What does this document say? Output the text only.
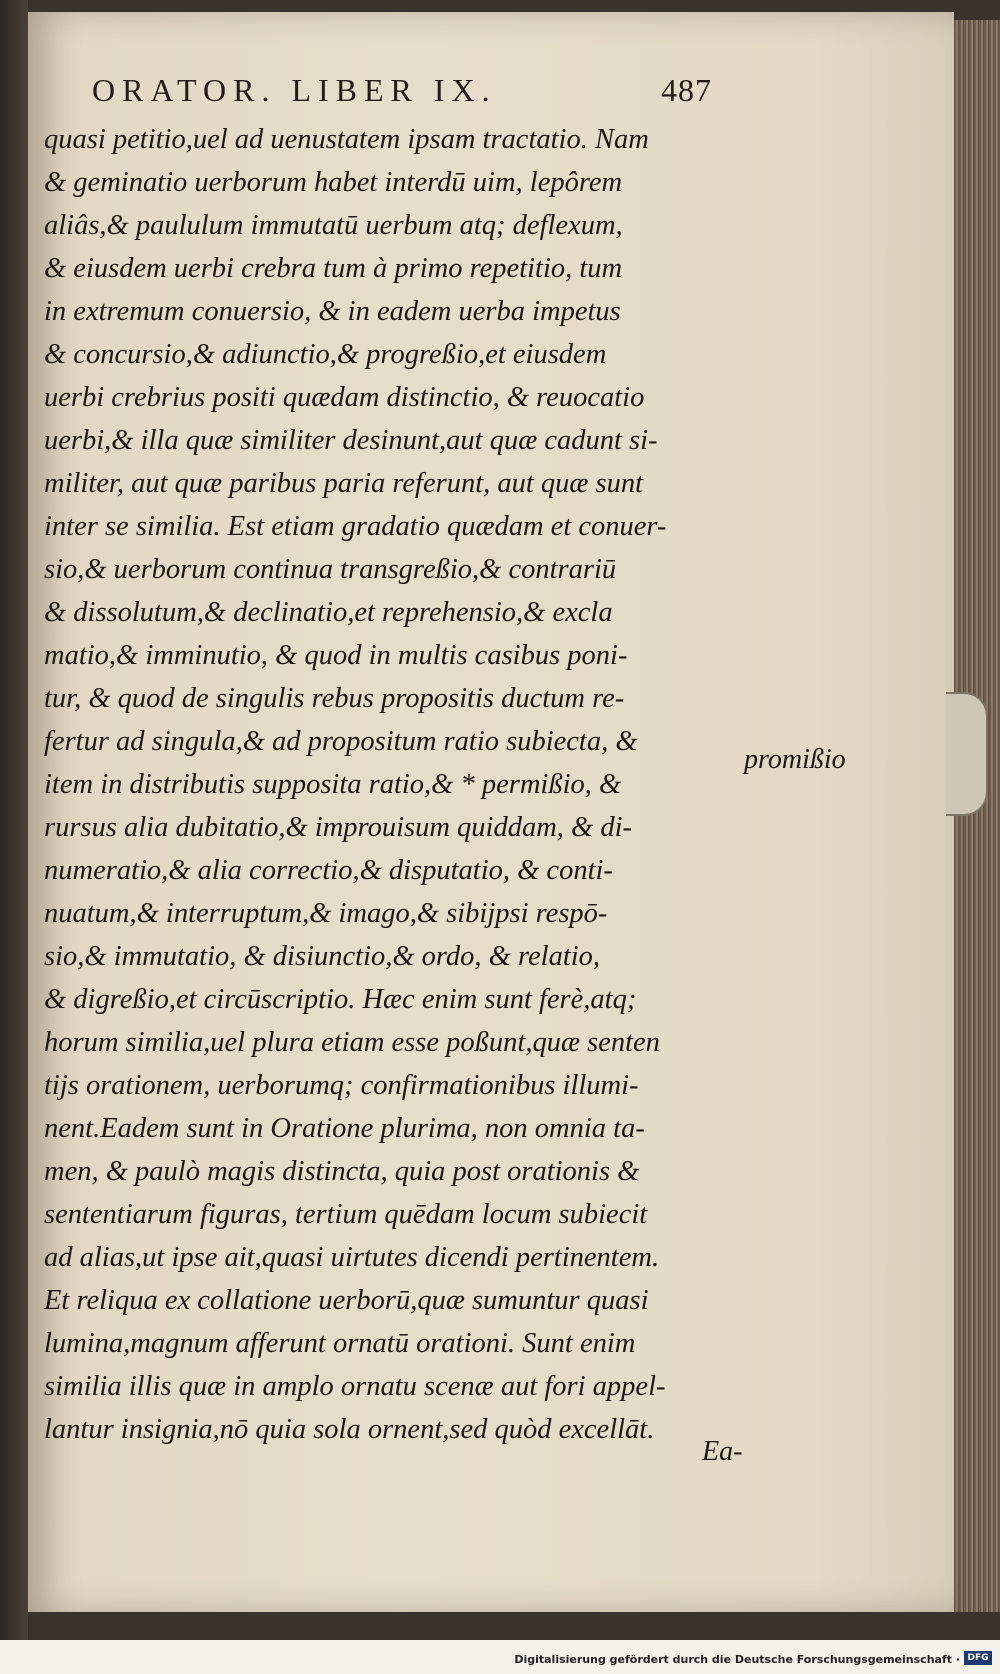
ORATOR. LIBER IX.	487
quasi petitio,uel ad uenustatem ipsam tractatio. Nam
& geminatio uerborum habet interdū uim, lepôrem
aliâs,& paululum immutatū uerbum atq; deflexum,
& eiusdem uerbi crebra tum à primo repetitio, tum
in extremum conuersio, & in eadem uerba impetus
& concursio,& adiunctio,& progreßio,et eiusdem
uerbi crebrius positi quædam distinctio, & reuocatio
uerbi,& illa quæ similiter desinunt,aut quæ cadunt si-
militer, aut quæ paribus paria referunt, aut quæ sunt
inter se similia. Est etiam gradatio quædam et conuer-
sio,& uerborum continua transgreßio,& contrariū
& dissolutum,& declinatio,et reprehensio,& excla
matio,& imminutio, & quod in multis casibus poni-
tur, & quod de singulis rebus propositis ductum re-
fertur ad singula,& ad propositum ratio subiecta, &
item in distributis supposita ratio,& * permißio, &
rursus alia dubitatio,& improuisum quiddam, & di-
numeratio,& alia correctio,& disputatio, & conti-
nuatum,& interruptum,& imago,& sibijpsi respō-
sio,& immutatio, & disiunctio,& ordo, & relatio,
& digreßio,et circūscriptio. Hæc enim sunt ferè,atq;
horum similia,uel plura etiam esse poßunt,quæ senten
tijs orationem, uerborumq; confirmationibus illumi-
nent.Eadem sunt in Oratione plurima, non omnia ta-
men, & paulò magis distincta, quia post orationis &
sententiarum figuras, tertium quēdam locum subiecit
ad alias,ut ipse ait,quasi uirtutes dicendi pertinentem.
Et reliqua ex collatione uerborū,quæ sumuntur quasi
lumina,magnum afferunt ornatū orationi. Sunt enim
similia illis quæ in amplo ornatu scenæ aut fori appel-
lantur insignia,nō quia sola ornent,sed quòd excellāt.
promißio
Ea-
Digitalisierung gefördert durch die Deutsche Forschungsgemeinschaft · DFG
